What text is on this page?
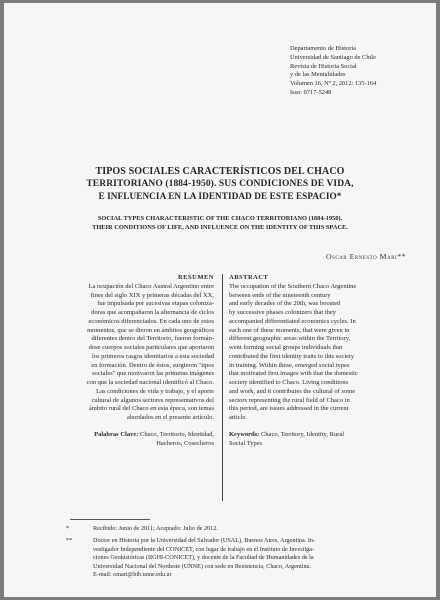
Departamento de Historia
Universidad de Santiago de Chile
Revista de Historia Social
y de las Mentalidades
Volumen 16, Nº 2, 2012: 135-164
Issn: 0717-5248
TIPOS SOCIALES CARACTERÍSTICOS DEL CHACO
TERRITORIANO (1884-1950). SUS CONDICIONES DE VIDA,
E INFLUENCIA EN LA IDENTIDAD DE ESTE ESPACIO*
SOCIAL TYPES CHARACTERISTIC OF THE CHACO TERRITORIANO (1884-1950).
THEIR CONDITIONS OF LIFE, AND INFLUENCE ON THE IDENTITY OF THIS SPACE.
Oscar Ernesto Mari**
RESUMEN
La ocupación del Chaco Austral Argentino entre
fines del siglo XIX y primeras décadas del XX,
fue impulsada por sucesivas etapas coloniza-
doras que acompañaron la alternancia de ciclos
económicos diferenciados. En cada uno de estos
momentos, que se dieron en ámbitos geográficos
diferentes dentro del Territorio, fueron formán-
dose cuerpos sociales particulares que aportaron
los primeros rasgos identitarios a esta sociedad
en formación. Dentro de éstos, surgieron "tipos
sociales" que motivaron las primeras imágenes
con que la sociedad nacional identificó al Chaco.
Las condiciones de vida y trabajo, y el aporte
cultural de algunos sectores representativos del
ámbito rural del Chaco en esta época, son temas
abordados en el presente artículo.
Palabras Clave: Chaco, Territorio, Identidad,
Hacheros, Cosecheros
ABSTRACT
The occupation of the Southern Chaco Argentine
between ends of the nineteenth century
and early decades of the 20th, was boosted
by successive phases colonizers that they
accompanied differentiated economics cycles. In
each one of these moments, that were given in
different geographic areas within the Territory,
went forming social groups individuals that
contributed the first identity traits to this society
in training. Within these, emerged social types
that motivated first images with that the domestic
society identified to Chaco. Living conditions
and work, and it contributes the cultural of some
sectors representing the rural field of Chaco in
this period, are issues addressed in the current
article.
Keywords: Chaco, Territory, Identity, Rural
Social Types
*	Recibido: Junio de 2011; Aceptado: Julio de 2012.
**	Doctor en Historia por la Universidad del Salvador (USAL), Buenos Aires, Argentina. In-
vestigador Independiente del CONICET, con lugar de trabajo en el Instituto de Investiga-
ciones Geohistóricas (IIGHI-CONICET), y docente de la Facultad de Humanidades de la
Universidad Nacional del Nordeste (UNNE) con sede en Resistencia, Chaco, Argentina.
E-mail: omari@hib.unne.edu.ar
